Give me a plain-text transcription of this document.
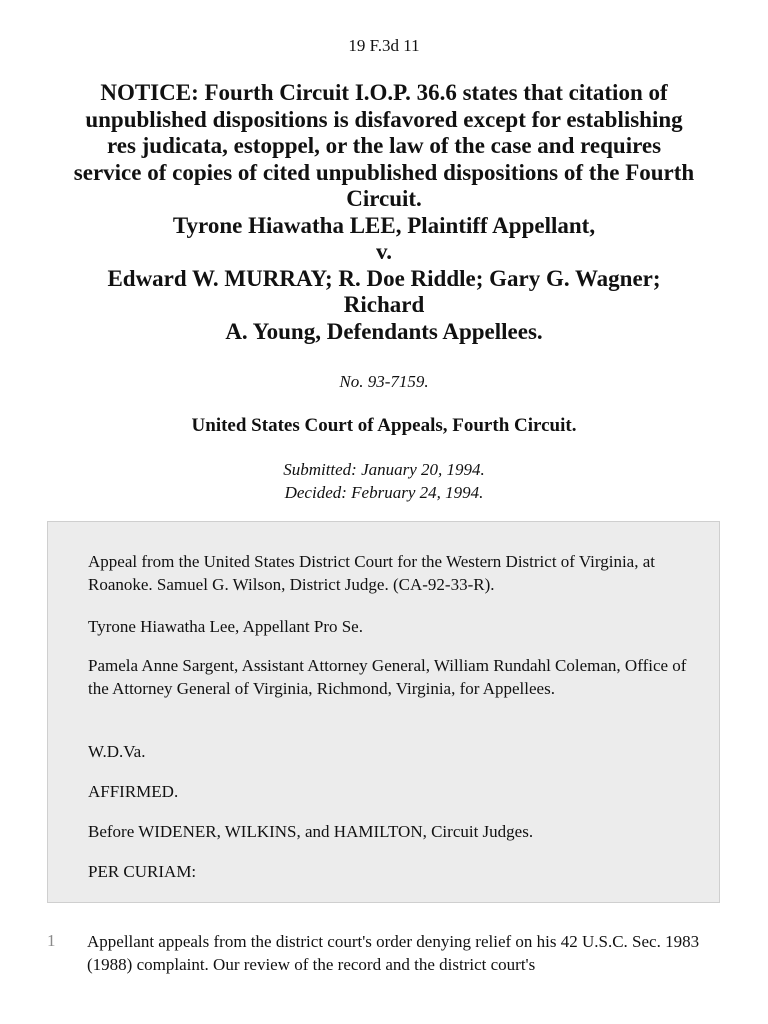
19 F.3d 11
NOTICE: Fourth Circuit I.O.P. 36.6 states that citation of
unpublished dispositions is disfavored except for establishing
res judicata, estoppel, or the law of the case and requires
service of copies of cited unpublished dispositions of the Fourth
Circuit.
Tyrone Hiawatha LEE, Plaintiff Appellant,
v.
Edward W. MURRAY; R. Doe Riddle; Gary G. Wagner;
Richard
A. Young, Defendants Appellees.
No. 93-7159.
United States Court of Appeals, Fourth Circuit.
Submitted: January 20, 1994.
Decided: February 24, 1994.
Appeal from the United States District Court for the Western District of Virginia, at Roanoke. Samuel G. Wilson, District Judge. (CA-92-33-R).
Tyrone Hiawatha Lee, Appellant Pro Se.
Pamela Anne Sargent, Assistant Attorney General, William Rundahl Coleman, Office of the Attorney General of Virginia, Richmond, Virginia, for Appellees.
W.D.Va.
AFFIRMED.
Before WIDENER, WILKINS, and HAMILTON, Circuit Judges.
PER CURIAM:
1 Appellant appeals from the district court's order denying relief on his 42 U.S.C. Sec. 1983 (1988) complaint. Our review of the record and the district court's
